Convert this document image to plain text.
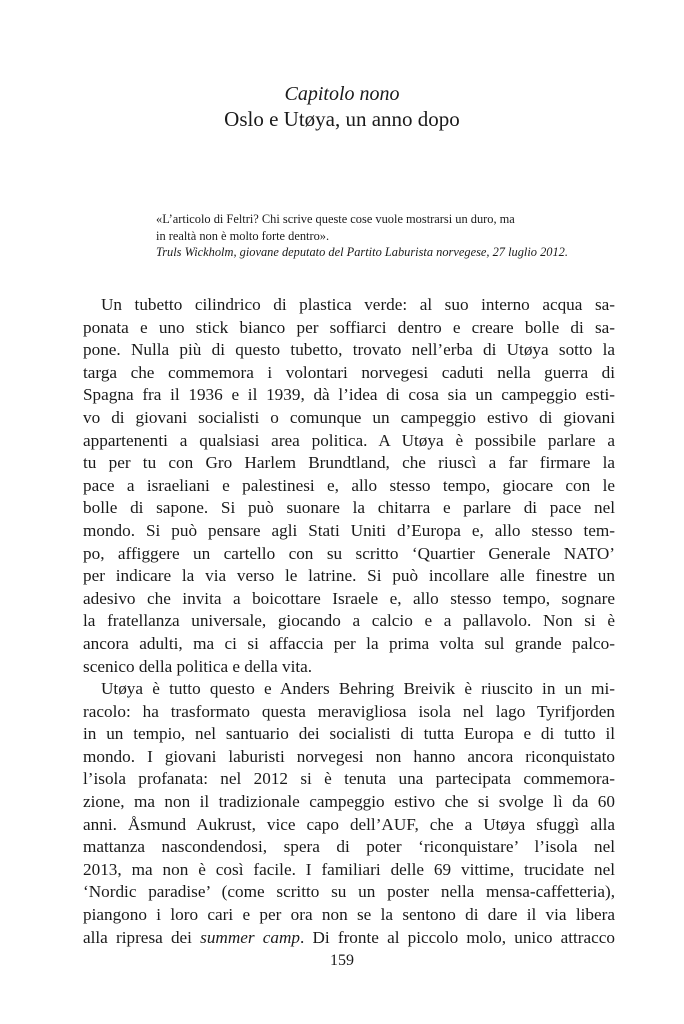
Capitolo nono
Oslo e Utøya, un anno dopo
«L’articolo di Feltri? Chi scrive queste cose vuole mostrarsi un duro, ma
in realtà non è molto forte dentro».
Truls Wickholm, giovane deputato del Partito Laburista norvegese, 27 luglio 2012.
Un tubetto cilindrico di plastica verde: al suo interno acqua sa-
ponata e uno stick bianco per soffiarci dentro e creare bolle di sa-
pone. Nulla più di questo tubetto, trovato nell’erba di Utøya sotto la
targa che commemora i volontari norvegesi caduti nella guerra di
Spagna fra il 1936 e il 1939, dà l’idea di cosa sia un campeggio esti-
vo di giovani socialisti o comunque un campeggio estivo di giovani
appartenenti a qualsiasi area politica. A Utøya è possibile parlare a
tu per tu con Gro Harlem Brundtland, che riuscì a far firmare la
pace a israeliani e palestinesi e, allo stesso tempo, giocare con le
bolle di sapone. Si può suonare la chitarra e parlare di pace nel
mondo. Si può pensare agli Stati Uniti d’Europa e, allo stesso tem-
po, affiggere un cartello con su scritto ‘Quartier Generale NATO’
per indicare la via verso le latrine. Si può incollare alle finestre un
adesivo che invita a boicottare Israele e, allo stesso tempo, sognare
la fratellanza universale, giocando a calcio e a pallavolo. Non si è
ancora adulti, ma ci si affaccia per la prima volta sul grande palco-
scenico della politica e della vita.
Utøya è tutto questo e Anders Behring Breivik è riuscito in un mi-
racolo: ha trasformato questa meravigliosa isola nel lago Tyrifjorden
in un tempio, nel santuario dei socialisti di tutta Europa e di tutto il
mondo. I giovani laburisti norvegesi non hanno ancora riconquistato
l’isola profanata: nel 2012 si è tenuta una partecipata commemora-
zione, ma non il tradizionale campeggio estivo che si svolge lì da 60
anni. Åsmund Aukrust, vice capo dell’AUF, che a Utøya sfuggì alla
mattanza nascondendosi, spera di poter ‘riconquistare’ l’isola nel
2013, ma non è così facile. I familiari delle 69 vittime, trucidate nel
‘Nordic paradise’ (come scritto su un poster nella mensa-caffetteria),
piangono i loro cari e per ora non se la sentono di dare il via libera
alla ripresa dei summer camp. Di fronte al piccolo molo, unico attracco
159
